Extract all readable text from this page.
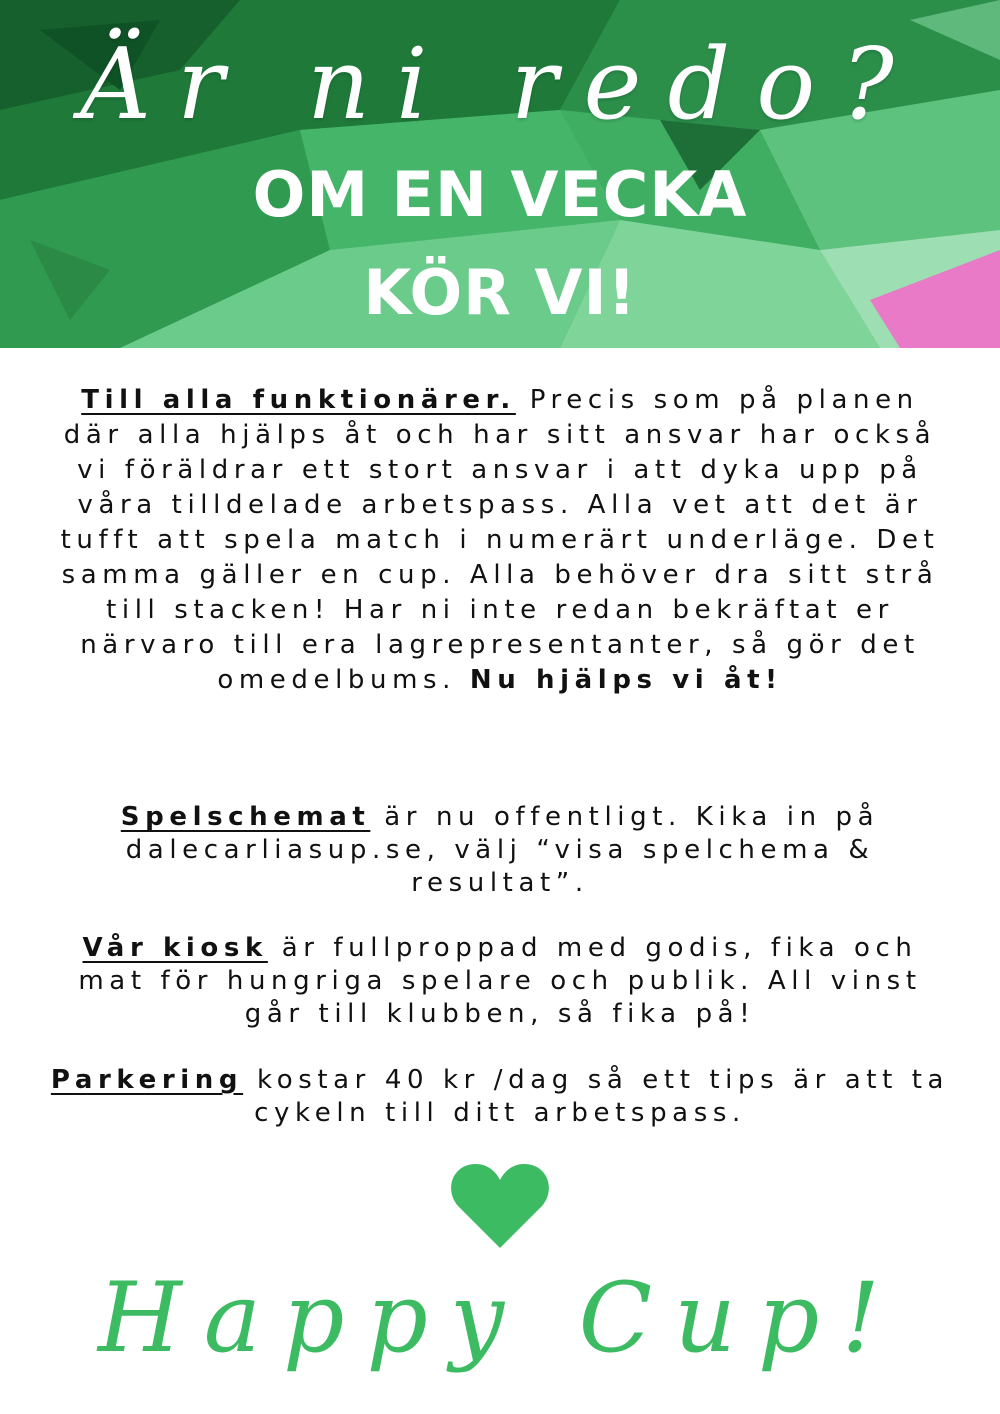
Är ni redo?
OM EN VECKA
KÖR VI!
Till alla funktionärer. Precis som på planen där alla hjälps åt och har sitt ansvar har också vi föräldrar ett stort ansvar i att dyka upp på våra tilldelade arbetspass. Alla vet att det är tufft att spela match i numerärt underläge. Det samma gäller en cup. Alla behöver dra sitt strå till stacken! Har ni inte redan bekräftat er närvaro till era lagrepresentanter, så gör det omedelbums. Nu hjälps vi åt!
Spelschemat är nu offentligt. Kika in på dalecarliasup.se, välj “visa spelchema & resultat”.
Vår kiosk är fullproppad med godis, fika och mat för hungriga spelare och publik. All vinst går till klubben, så fika på!
Parkering kostar 40 kr /dag så ett tips är att ta cykeln till ditt arbetspass.
Happy Cup!
